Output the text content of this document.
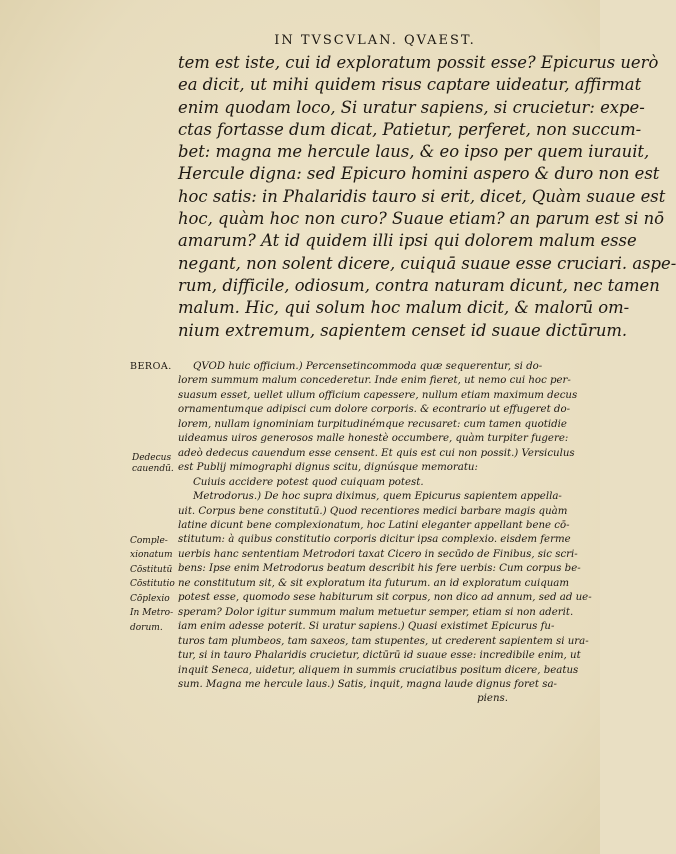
IN TVSCVLAN. QVAEST.
tem est iste, cui id exploratum possit esse? Epicurus uerò
ea dicit, ut mihi quidem risus captare uideatur, affirmat
enim quodam loco, Si uratur sapiens, si crucietur: expe-
ctas fortasse dum dicat, Patietur, perferet, non succum-
bet: magna me hercule laus, & eo ipso per quem iurauit,
Hercule digna: sed Epicuro homini aspero & duro non est
hoc satis: in Phalaridis tauro si erit, dicet, Quàm suaue est
hoc, quàm hoc non curo? Suaue etiam? an parum est si nō
amarum? At id quidem illi ipsi qui dolorem malum esse
negant, non solent dicere, cuiquā suaue esse cruciari. aspe-
rum, difficile, odiosum, contra naturam dicunt, nec tamen
malum. Hic, qui solum hoc malum dicit, & malorū om-
nium extremum, sapientem censet id suaue dictūrum.
BEROA.
Dedecus
cauendū.
Comple-
xionatum
Cōstitutū
Cōstitutio
Cōplexio
In Metro-
dorum.
QVOD huic officium.) Percensetincommoda quæ sequerentur, si do-
lorem summum malum concederetur. Inde enim fieret, ut nemo cui hoc per-
suasum esset, uellet ullum officium capessere, nullum etiam maximum decus
ornamentumque adipisci cum dolore corporis. & econtrario ut effugeret do-
lorem, nullam ignominiam turpitudinémque recusaret: cum tamen quotidie
uideamus uiros generosos malle honestè occumbere, quàm turpiter fugere:
adeò dedecus cauendum esse censent. Et quis est cui non possit.) Versiculus
est Publij mimographi dignus scitu, dignúsque memoratu:
Cuiuis accidere potest quod cuiquam potest.
Metrodorus.) De hoc supra diximus, quem Epicurus sapientem appella-
uit. Corpus bene constitutū.) Quod recentiores medici barbare magis quàm
latine dicunt bene complexionatum, hoc Latini eleganter appellant bene cō-
stitutum: à quibus constitutio corporis dicitur ipsa complexio. eisdem ferme
uerbis hanc sententiam Metrodori taxat Cicero in secūdo de Finibus, sic scri-
bens: Ipse enim Metrodorus beatum describit his fere uerbis: Cum corpus be-
ne constitutum sit, & sit exploratum ita futurum. an id exploratum cuiquam
potest esse, quomodo sese habiturum sit corpus, non dico ad annum, sed ad ue-
speram? Dolor igitur summum malum metuetur semper, etiam si non aderit.
iam enim adesse poterit. Si uratur sapiens.) Quasi existimet Epicurus fu-
turos tam plumbeos, tam saxeos, tam stupentes, ut crederent sapientem si ura-
tur, si in tauro Phalaridis crucietur, dictūrū id suaue esse: incredibile enim, ut
inquit Seneca, uidetur, aliquem in summis cruciatibus positum dicere, beatus
sum. Magna me hercule laus.) Satis, inquit, magna laude dignus foret sa-
piens.
